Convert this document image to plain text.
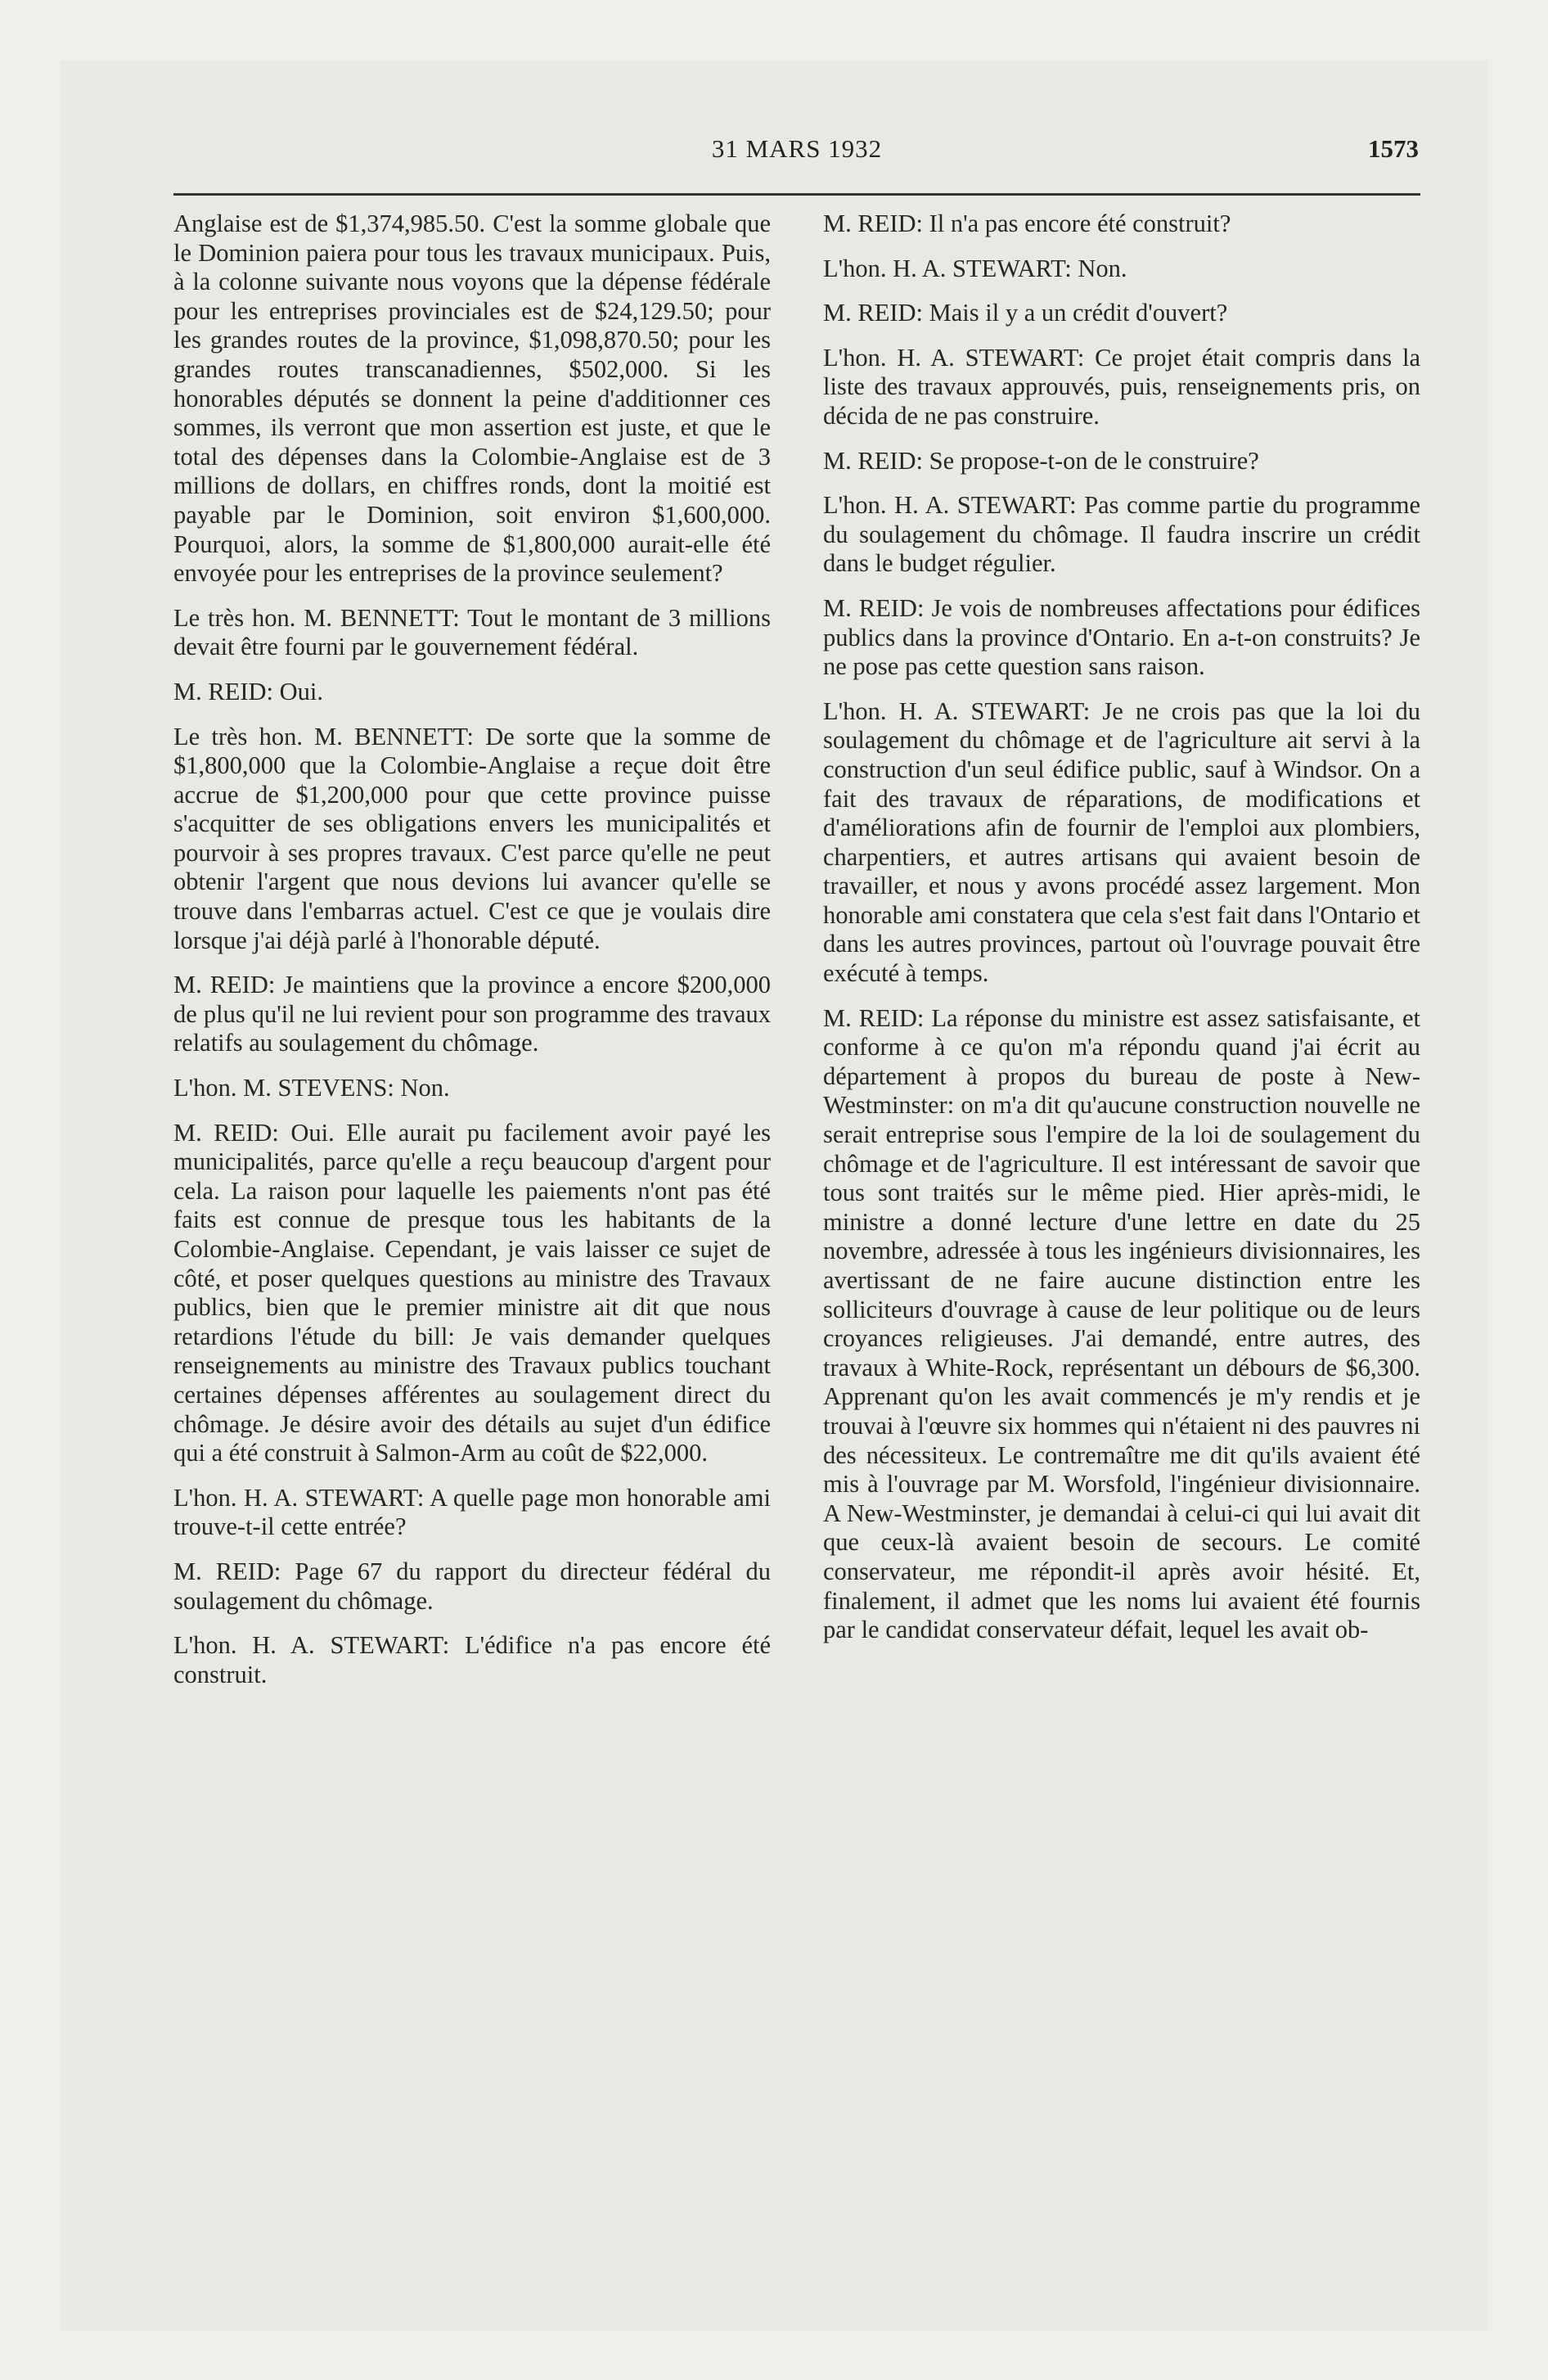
31 MARS 1932	1573

Anglaise est de $1,374,985.50. C'est la somme globale que le Dominion paiera pour tous les travaux municipaux. Puis, à la colonne suivante nous voyons que la dépense fédérale pour les entreprises provinciales est de $24,129.50; pour les grandes routes de la province, $1,098,870.50; pour les grandes routes transcanadiennes, $502,000. Si les honorables députés se donnent la peine d'additionner ces sommes, ils verront que mon assertion est juste, et que le total des dépenses dans la Colombie-Anglaise est de 3 millions de dollars, en chiffres ronds, dont la moitié est payable par le Dominion, soit environ $1,600,000. Pourquoi, alors, la somme de $1,800,000 aurait-elle été envoyée pour les entreprises de la province seulement?

Le très hon. M. BENNETT: Tout le montant de 3 millions devait être fourni par le gouvernement fédéral.

M. REID: Oui.

Le très hon. M. BENNETT: De sorte que la somme de $1,800,000 que la Colombie-Anglaise a reçue doit être accrue de $1,200,000 pour que cette province puisse s'acquitter de ses obligations envers les municipalités et pourvoir à ses propres travaux. C'est parce qu'elle ne peut obtenir l'argent que nous devions lui avancer qu'elle se trouve dans l'embarras actuel. C'est ce que je voulais dire lorsque j'ai déjà parlé à l'honorable député.

M. REID: Je maintiens que la province a encore $200,000 de plus qu'il ne lui revient pour son programme des travaux relatifs au soulagement du chômage.

L'hon. M. STEVENS: Non.

M. REID: Oui. Elle aurait pu facilement avoir payé les municipalités, parce qu'elle a reçu beaucoup d'argent pour cela. La raison pour laquelle les paiements n'ont pas été faits est connue de presque tous les habitants de la Colombie-Anglaise. Cependant, je vais laisser ce sujet de côté, et poser quelques questions au ministre des Travaux publics, bien que le premier ministre ait dit que nous retardions l'étude du bill: Je vais demander quelques renseignements au ministre des Travaux publics touchant certaines dépenses afférentes au soulagement direct du chômage. Je désire avoir des détails au sujet d'un édifice qui a été construit à Salmon-Arm au coût de $22,000.

L'hon. H. A. STEWART: A quelle page mon honorable ami trouve-t-il cette entrée?

M. REID: Page 67 du rapport du directeur fédéral du soulagement du chômage.

L'hon. H. A. STEWART: L'édifice n'a pas encore été construit.

M. REID: Il n'a pas encore été construit?

L'hon. H. A. STEWART: Non.

M. REID: Mais il y a un crédit d'ouvert?

L'hon. H. A. STEWART: Ce projet était compris dans la liste des travaux approuvés, puis, renseignements pris, on décida de ne pas construire.

M. REID: Se propose-t-on de le construire?

L'hon. H. A. STEWART: Pas comme partie du programme du soulagement du chômage. Il faudra inscrire un crédit dans le budget régulier.

M. REID: Je vois de nombreuses affectations pour édifices publics dans la province d'Ontario. En a-t-on construits? Je ne pose pas cette question sans raison.

L'hon. H. A. STEWART: Je ne crois pas que la loi du soulagement du chômage et de l'agriculture ait servi à la construction d'un seul édifice public, sauf à Windsor. On a fait des travaux de réparations, de modifications et d'améliorations afin de fournir de l'emploi aux plombiers, charpentiers, et autres artisans qui avaient besoin de travailler, et nous y avons procédé assez largement. Mon honorable ami constatera que cela s'est fait dans l'Ontario et dans les autres provinces, partout où l'ouvrage pouvait être exécuté à temps.

M. REID: La réponse du ministre est assez satisfaisante, et conforme à ce qu'on m'a répondu quand j'ai écrit au département à propos du bureau de poste à New-Westminster: on m'a dit qu'aucune construction nouvelle ne serait entreprise sous l'empire de la loi de soulagement du chômage et de l'agriculture. Il est intéressant de savoir que tous sont traités sur le même pied. Hier après-midi, le ministre a donné lecture d'une lettre en date du 25 novembre, adressée à tous les ingénieurs divisionnaires, les avertissant de ne faire aucune distinction entre les solliciteurs d'ouvrage à cause de leur politique ou de leurs croyances religieuses. J'ai demandé, entre autres, des travaux à White-Rock, représentant un débours de $6,300. Apprenant qu'on les avait commencés je m'y rendis et je trouvai à l'œuvre six hommes qui n'étaient ni des pauvres ni des nécessiteux. Le contremaître me dit qu'ils avaient été mis à l'ouvrage par M. Worsfold, l'ingénieur divisionnaire. A New-Westminster, je demandai à celui-ci qui lui avait dit que ceux-là avaient besoin de secours. Le comité conservateur, me répondit-il après avoir hésité. Et, finalement, il admet que les noms lui avaient été fournis par le candidat conservateur défait, lequel les avait ob-
